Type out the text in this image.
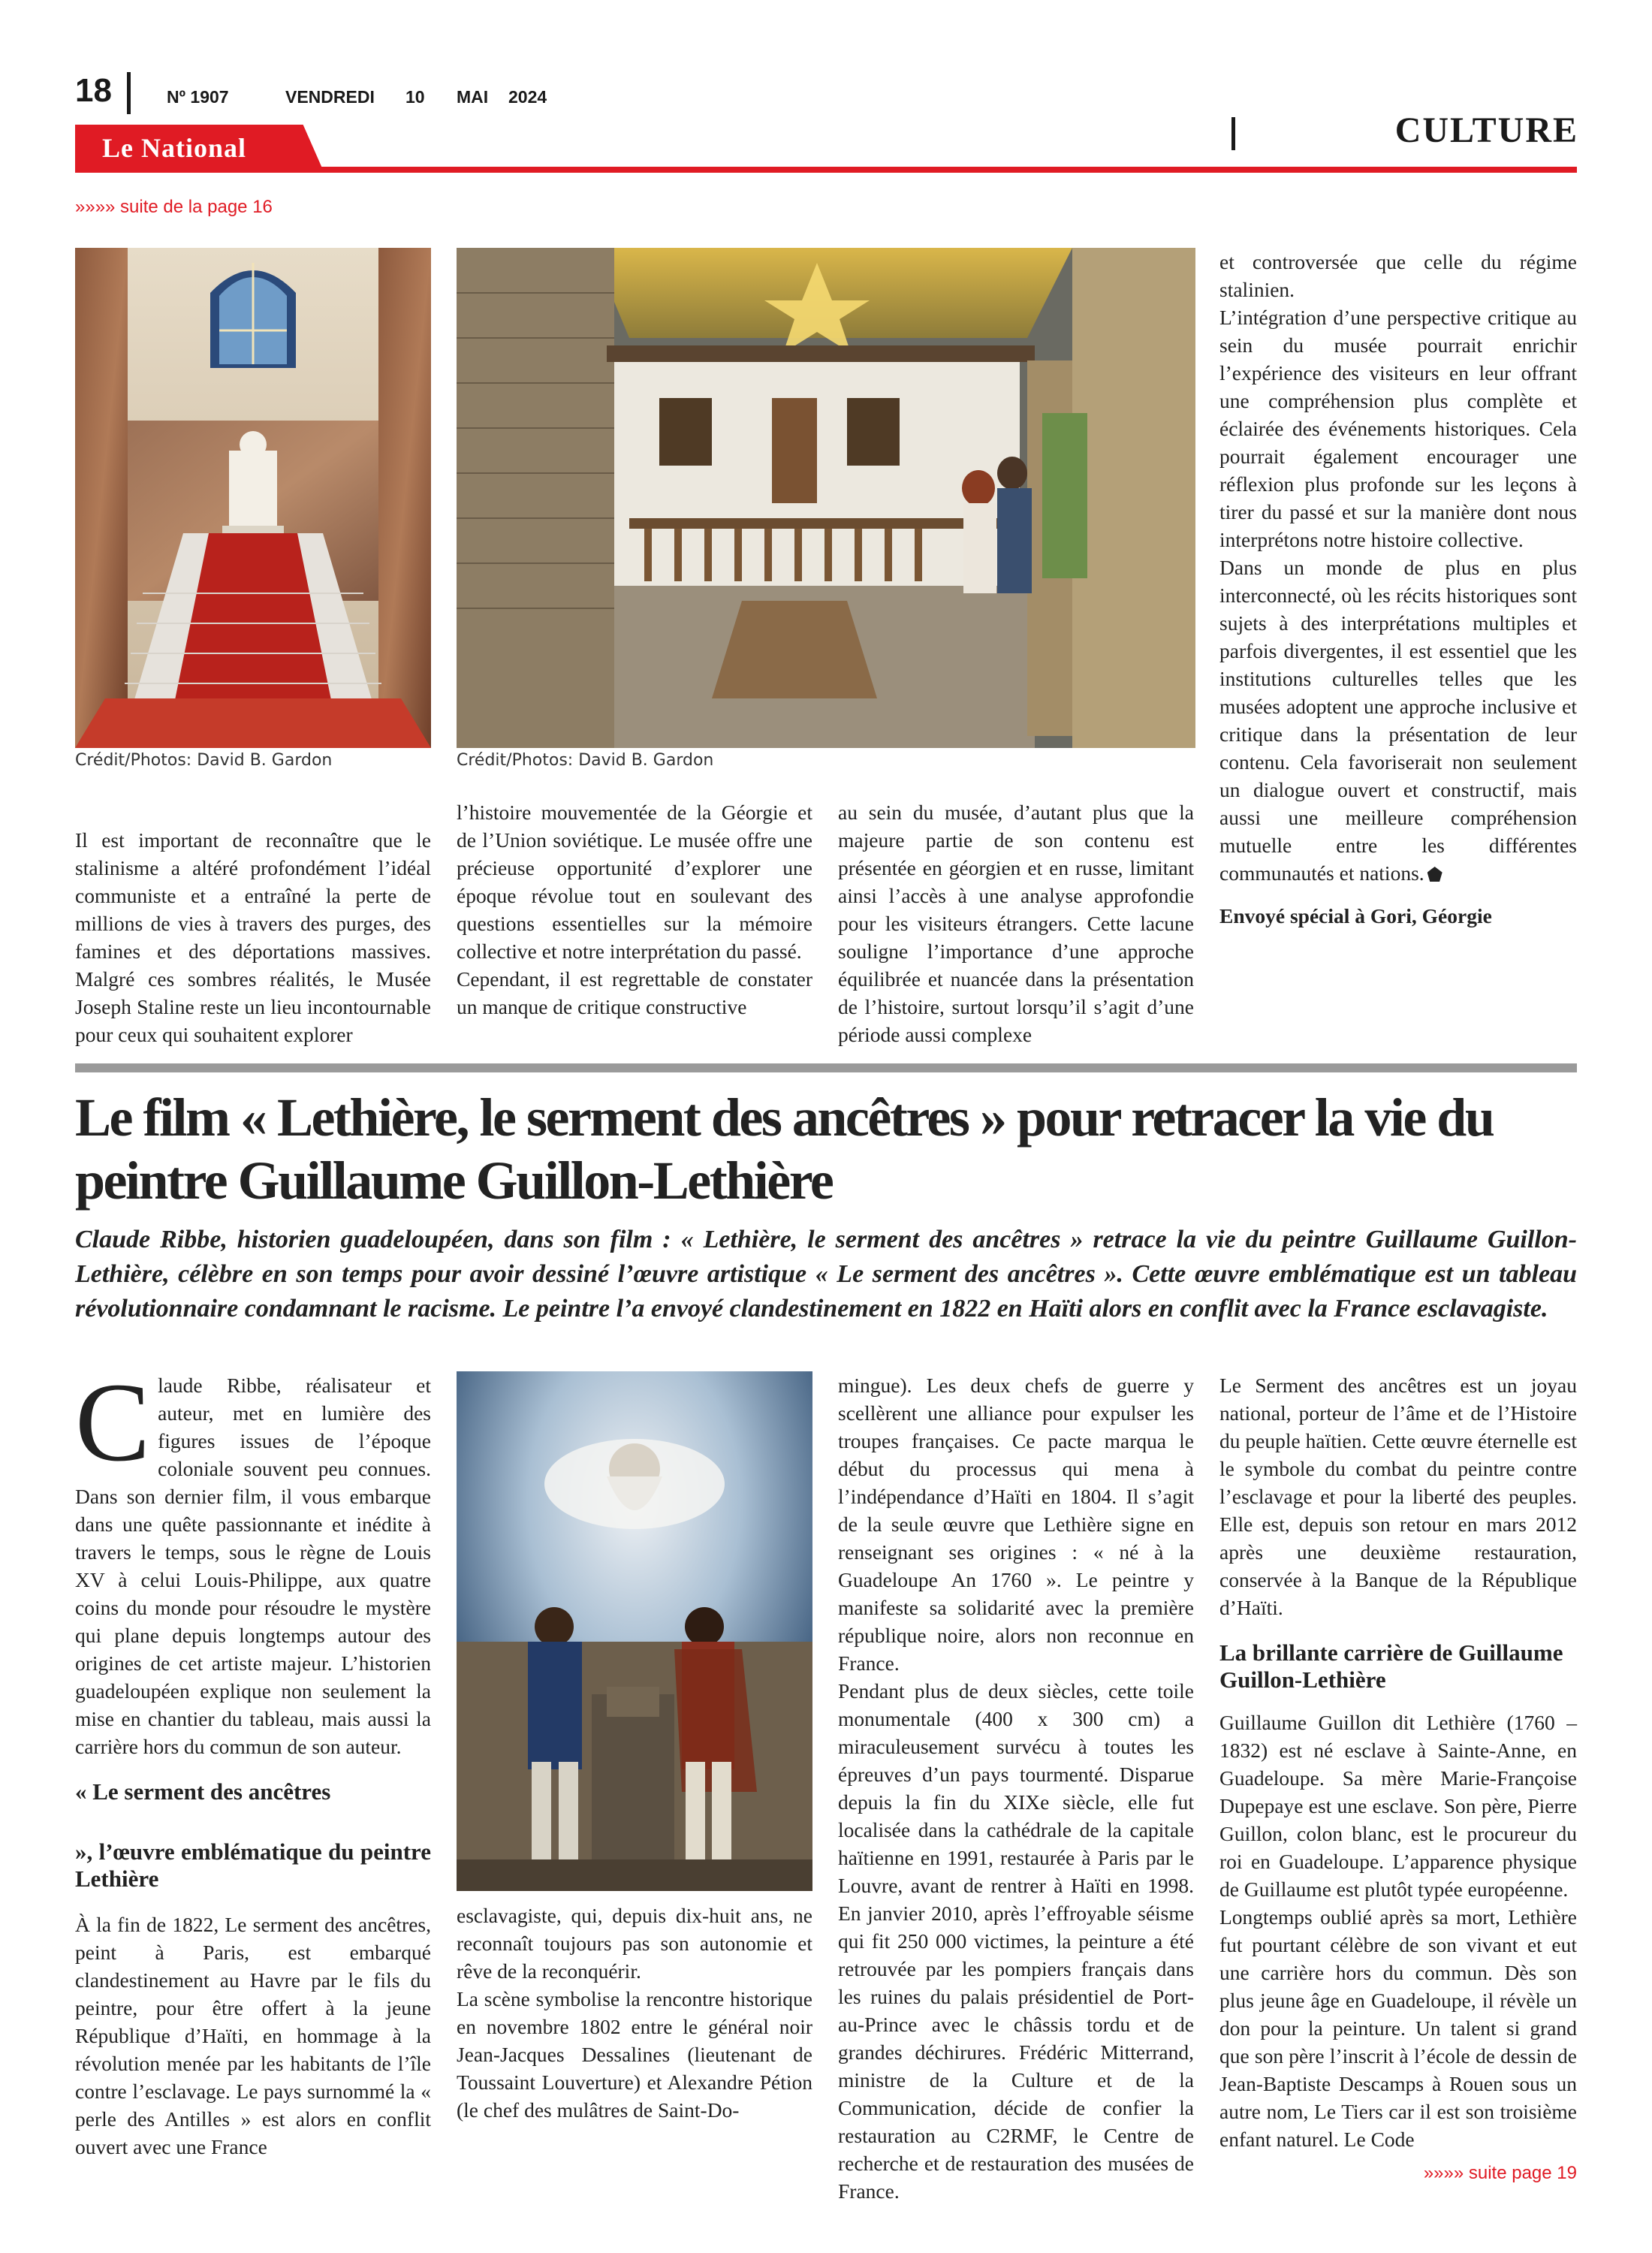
18	Nº 1907	VENDREDI 10 MAI 2024
Le National	CULTURE
»»»» suite de la page 16
Crédit/Photos: David B. Gardon	Crédit/Photos: David B. Gardon

Il est important de reconnaître que le stalinisme a altéré profondément l’idéal communiste et a entraîné la perte de millions de vies à travers des purges, des famines et des déportations massives. Malgré ces sombres réalités, le Musée Joseph Staline reste un lieu incontournable pour ceux qui souhaitent explorer

l’histoire mouvementée de la Géorgie et de l’Union soviétique. Le musée offre une précieuse opportunité d’explorer une époque révolue tout en soulevant des questions essentielles sur la mémoire collective et notre interprétation du passé.

Cependant, il est regrettable de constater un manque de critique constructive

au sein du musée, d’autant plus que la majeure partie de son contenu est présentée en géorgien et en russe, limitant ainsi l’accès à une analyse approfondie pour les visiteurs étrangers. Cette lacune souligne l’importance d’une approche équilibrée et nuancée dans la présentation de l’histoire, surtout lorsqu’il s’agit d’une période aussi complexe

et controversée que celle du régime stalinien.

L’intégration d’une perspective critique au sein du musée pourrait enrichir l’expérience des visiteurs en leur offrant une compréhension plus complète et éclairée des événements historiques. Cela pourrait également encourager une réflexion plus profonde sur les leçons à tirer du passé et sur la manière dont nous interprétons notre histoire collective.

Dans un monde de plus en plus interconnecté, où les récits historiques sont sujets à des interprétations multiples et parfois divergentes, il est essentiel que les institutions culturelles telles que les musées adoptent une approche inclusive et critique dans la présentation de leur contenu. Cela favoriserait non seulement un dialogue ouvert et constructif, mais aussi une meilleure compréhension mutuelle entre les différentes communautés et nations.

Envoyé spécial à Gori, Géorgie

Le film « Lethière, le serment des ancêtres » pour retracer la vie du peintre Guillaume Guillon-Lethière
Claude Ribbe, historien guadeloupéen, dans son film : « Lethière, le serment des ancêtres » retrace la vie du peintre Guillaume Guillon-Lethière, célèbre en son temps pour avoir dessiné l’œuvre artistique « Le serment des ancêtres ». Cette œuvre emblématique est un tableau révolutionnaire condamnant le racisme. Le peintre l’a envoyé clandestinement en 1822 en Haïti alors en conflit avec la France esclavagiste.

Claude Ribbe, réalisateur et auteur, met en lumière des figures issues de l’époque coloniale souvent peu connues. Dans son dernier film, il vous embarque dans une quête passionnante et inédite à travers le temps, sous le règne de Louis XV à celui Louis-Philippe, aux quatre coins du monde pour résoudre le mystère qui plane depuis longtemps autour des origines de cet artiste majeur. L’historien guadeloupéen explique non seulement la mise en chantier du tableau, mais aussi la carrière hors du commun de son auteur.

« Le serment des ancêtres

», l’œuvre emblématique du peintre Lethière

À la fin de 1822, Le serment des ancêtres, peint à Paris, est embarqué clandestinement au Havre par le fils du peintre, pour être offert à la jeune République d’Haïti, en hommage à la révolution menée par les habitants de l’île contre l’esclavage. Le pays surnommé la « perle des Antilles » est alors en conflit ouvert avec une France

esclavagiste, qui, depuis dix-huit ans, ne reconnaît toujours pas son autonomie et rêve de la reconquérir.

La scène symbolise la rencontre historique en novembre 1802 entre le général noir Jean-Jacques Dessalines (lieutenant de Toussaint Louverture) et Alexandre Pétion (le chef des mulâtres de Saint-Do-

mingue). Les deux chefs de guerre y scellèrent une alliance pour expulser les troupes françaises. Ce pacte marqua le début du processus qui mena à l’indépendance d’Haïti en 1804. Il s’agit de la seule œuvre que Lethière signe en renseignant ses origines : « né à la Guadeloupe An 1760 ». Le peintre y manifeste sa solidarité avec la première république noire, alors non reconnue en France.

Pendant plus de deux siècles, cette toile monumentale (400 x 300 cm) a miraculeusement survécu à toutes les épreuves d’un pays tourmenté. Disparue depuis la fin du XIXe siècle, elle fut localisée dans la cathédrale de la capitale haïtienne en 1991, restaurée à Paris par le Louvre, avant de rentrer à Haïti en 1998. En janvier 2010, après l’effroyable séisme qui fit 250 000 victimes, la peinture a été retrouvée par les pompiers français dans les ruines du palais présidentiel de Port-au-Prince avec le châssis tordu et de grandes déchirures. Frédéric Mitterrand, ministre de la Culture et de la Communication, décide de confier la restauration au C2RMF, le Centre de recherche et de restauration des musées de France.

Le Serment des ancêtres est un joyau national, porteur de l’âme et de l’Histoire du peuple haïtien. Cette œuvre éternelle est le symbole du combat du peintre contre l’esclavage et pour la liberté des peuples. Elle est, depuis son retour en mars 2012 après une deuxième restauration, conservée à la Banque de la République d’Haïti.

La brillante carrière de Guillaume Guillon-Lethière

Guillaume Guillon dit Lethière (1760 – 1832) est né esclave à Sainte-Anne, en Guadeloupe. Sa mère Marie-Françoise Dupepaye est une esclave. Son père, Pierre Guillon, colon blanc, est le procureur du roi en Guadeloupe. L’apparence physique de Guillaume est plutôt typée européenne.

Longtemps oublié après sa mort, Lethière fut pourtant célèbre de son vivant et eut une carrière hors du commun. Dès son plus jeune âge en Guadeloupe, il révèle un don pour la peinture. Un talent si grand que son père l’inscrit à l’école de dessin de Jean-Baptiste Descamps à Rouen sous un autre nom, Le Tiers car il est son troisième enfant naturel. Le Code

»»»» suite page 19
